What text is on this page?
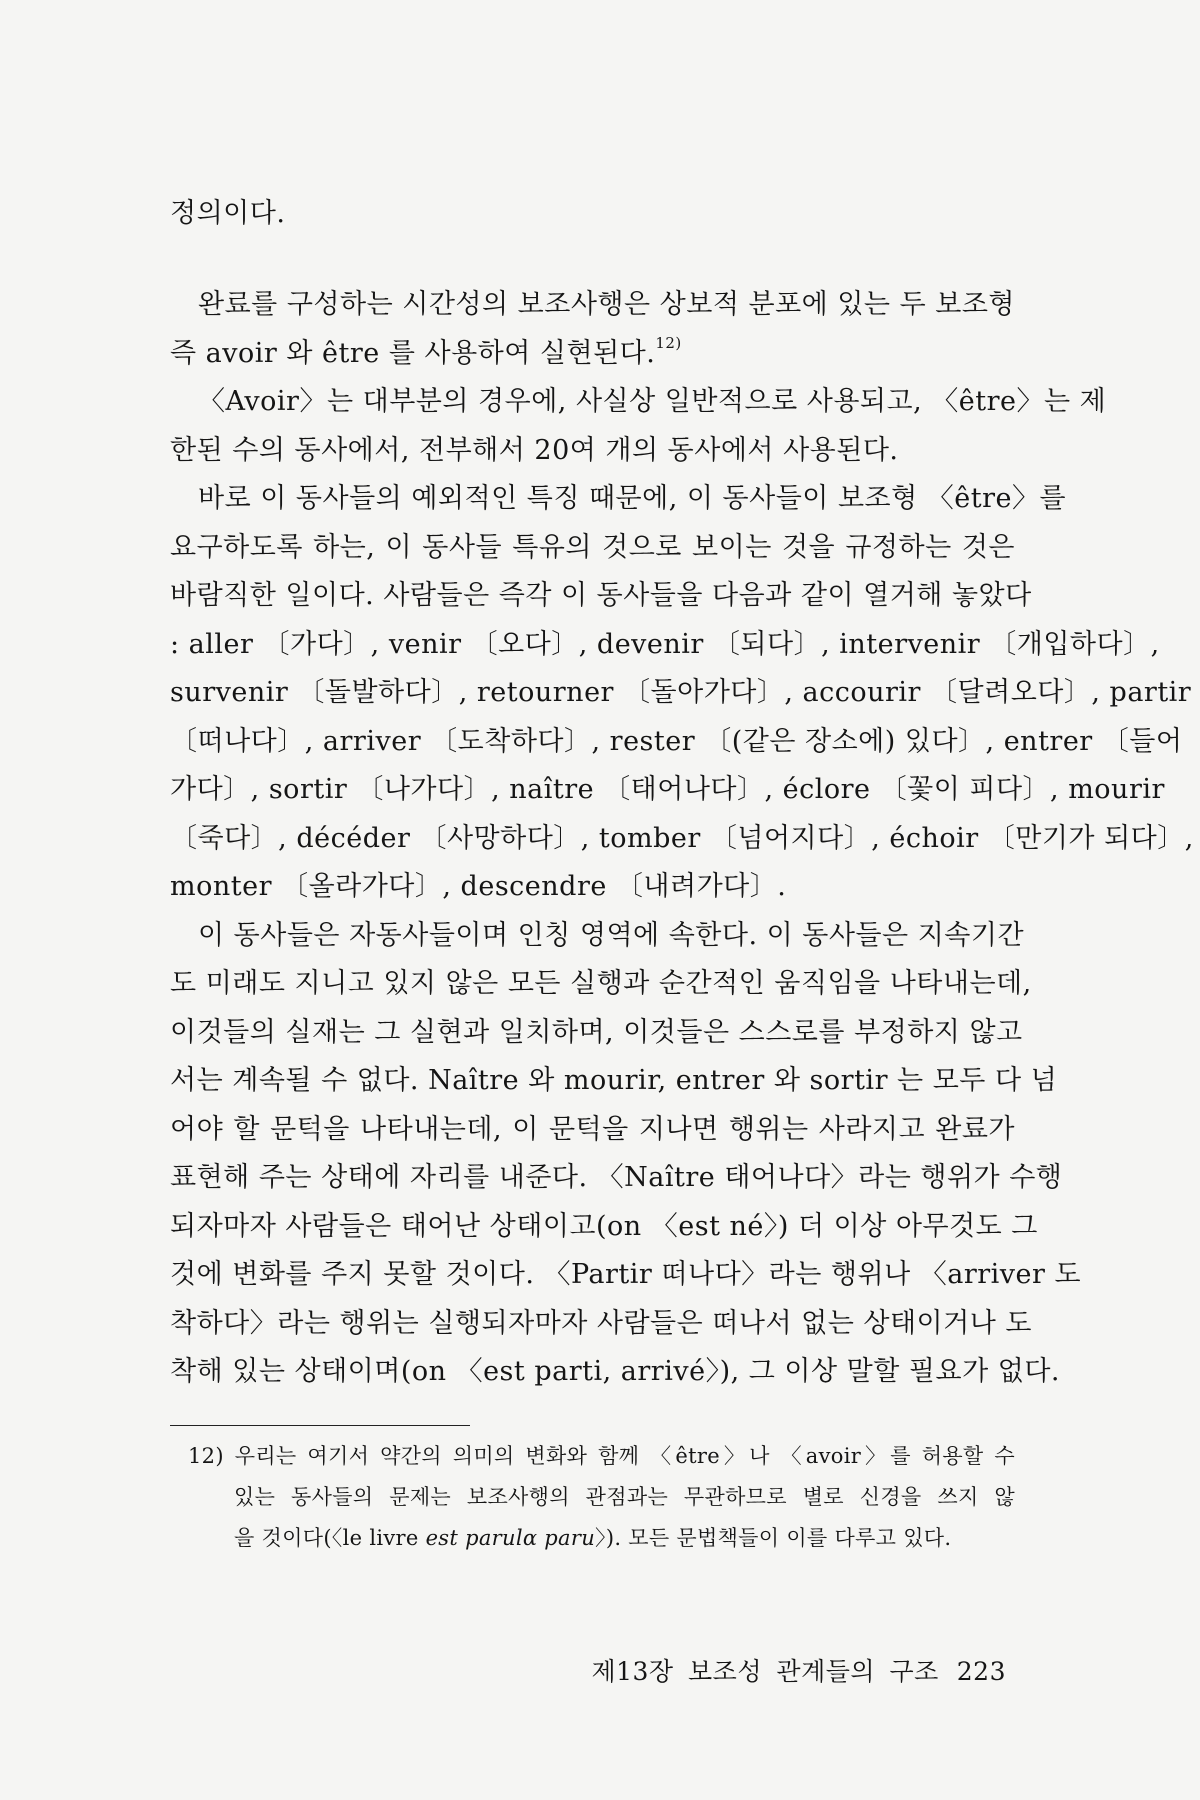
정의이다.
완료를 구성하는 시간성의 보조사행은 상보적 분포에 있는 두 보조형
즉 avoir 와 être 를 사용하여 실현된다.$^{12)}$
〈Avoir〉는 대부분의 경우에, 사실상 일반적으로 사용되고, 〈être〉는 제
한된 수의 동사에서, 전부해서 20여 개의 동사에서 사용된다.
바로 이 동사들의 예외적인 특징 때문에, 이 동사들이 보조형 〈être〉를
요구하도록 하는, 이 동사들 특유의 것으로 보이는 것을 규정하는 것은
바람직한 일이다. 사람들은 즉각 이 동사들을 다음과 같이 열거해 놓았다
: aller 〔가다〕, venir 〔오다〕, devenir 〔되다〕, intervenir 〔개입하다〕,
survenir 〔돌발하다〕, retourner 〔돌아가다〕, accourir 〔달려오다〕, partir
〔떠나다〕, arriver 〔도착하다〕, rester 〔(같은 장소에) 있다〕, entrer 〔들어
가다〕, sortir 〔나가다〕, naître 〔태어나다〕, éclore 〔꽃이 피다〕, mourir
〔죽다〕, décéder 〔사망하다〕, tomber 〔넘어지다〕, échoir 〔만기가 되다〕,
monter 〔올라가다〕, descendre 〔내려가다〕.
이 동사들은 자동사들이며 인칭 영역에 속한다. 이 동사들은 지속기간
도 미래도 지니고 있지 않은 모든 실행과 순간적인 움직임을 나타내는데,
이것들의 실재는 그 실현과 일치하며, 이것들은 스스로를 부정하지 않고
서는 계속될 수 없다. Naître 와 mourir, entrer 와 sortir 는 모두 다 넘
어야 할 문턱을 나타내는데, 이 문턱을 지나면 행위는 사라지고 완료가
표현해 주는 상태에 자리를 내준다. 〈Naître 태어나다〉라는 행위가 수행
되자마자 사람들은 태어난 상태이고(on 〈est né〉) 더 이상 아무것도 그
것에 변화를 주지 못할 것이다. 〈Partir 떠나다〉라는 행위나 〈arriver 도
착하다〉라는 행위는 실행되자마자 사람들은 떠나서 없는 상태이거나 도
착해 있는 상태이며(on 〈est parti, arrivé〉), 그 이상 말할 필요가 없다.
12) 우리는 여기서 약간의 의미의 변화와 함께 〈être〉나 〈avoir〉를 허용할 수
있는 동사들의 문제는 보조사행의 관점과는 무관하므로 별로 신경을 쓰지 않
을 것이다(〈le livre est parulα paru〉). 모든 문법책들이 이를 다루고 있다.
제13장 보조성 관계들의 구조 223
